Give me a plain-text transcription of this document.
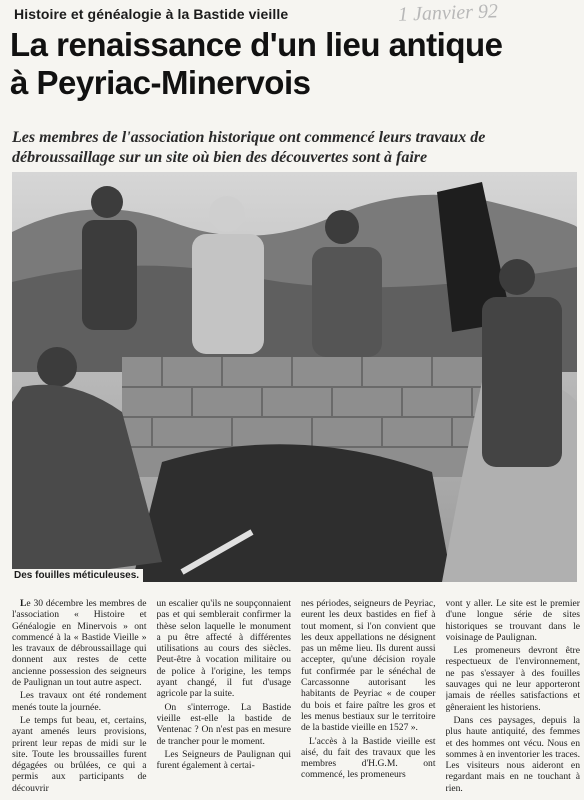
1 Janvier 92
Histoire et généalogie à la Bastide vieille
La renaissance d'un lieu antique
à Peyriac-Minervois
Les membres de l'association historique ont commencé leurs travaux de débroussaillage sur un site où bien des découvertes sont à faire
Des fouilles méticuleuses.

Le 30 décembre les membres de l'association « Histoire et Généalogie en Minervois » ont commencé à la « Bastide Vieille » les travaux de débroussaillage qui donnent aux restes de cette ancienne possession des seigneurs de Paulignan un tout autre aspect.

Les travaux ont été rondement menés toute la journée.

Le temps fut beau, et, certains, ayant amenés leurs provisions, prirent leur repas de midi sur le site. Toute les broussailles furent dégagées ou brûlées, ce qui a permis aux participants de découvrir

un escalier qu'ils ne soupçonnaient pas et qui semblerait confirmer la thèse selon laquelle le monument a pu être affecté à différentes utilisations au cours des siècles. Peut-être à vocation militaire ou de police à l'origine, les temps ayant changé, il fut d'usage agricole par la suite.

On s'interroge. La Bastide vieille est-elle la bastide de Ventenac ? On n'est pas en mesure de trancher pour le moment.

Les Seigneurs de Paulignan qui furent également à certai-

nes périodes, seigneurs de Peyriac, eurent les deux bastides en fief à tout moment, si l'on convient que les deux appellations ne désignent pas un même lieu. Ils durent aussi accepter, qu'une décision royale fut confirmée par le sénéchal de Carcassonne autorisant les habitants de Peyriac « de couper du bois et faire paître les gros et les menus bestiaux sur le territoire de la bastide vieille en 1527 ».

L'accès à la Bastide vieille est aisé, du fait des travaux que les membres d'H.G.M. ont commencé, les promeneurs

vont y aller. Le site est le premier d'une longue série de sites historiques se trouvant dans le voisinage de Paulignan.

Les promeneurs devront être respectueux de l'environnement, ne pas s'essayer à des fouilles sauvages qui ne leur apporteront jamais de réelles satisfactions et gêneraient les historiens.

Dans ces paysages, depuis la plus haute antiquité, des femmes et des hommes ont vécu. Nous en sommes à en inventorier les traces. Les visiteurs nous aideront en regardant mais en ne touchant à rien.
